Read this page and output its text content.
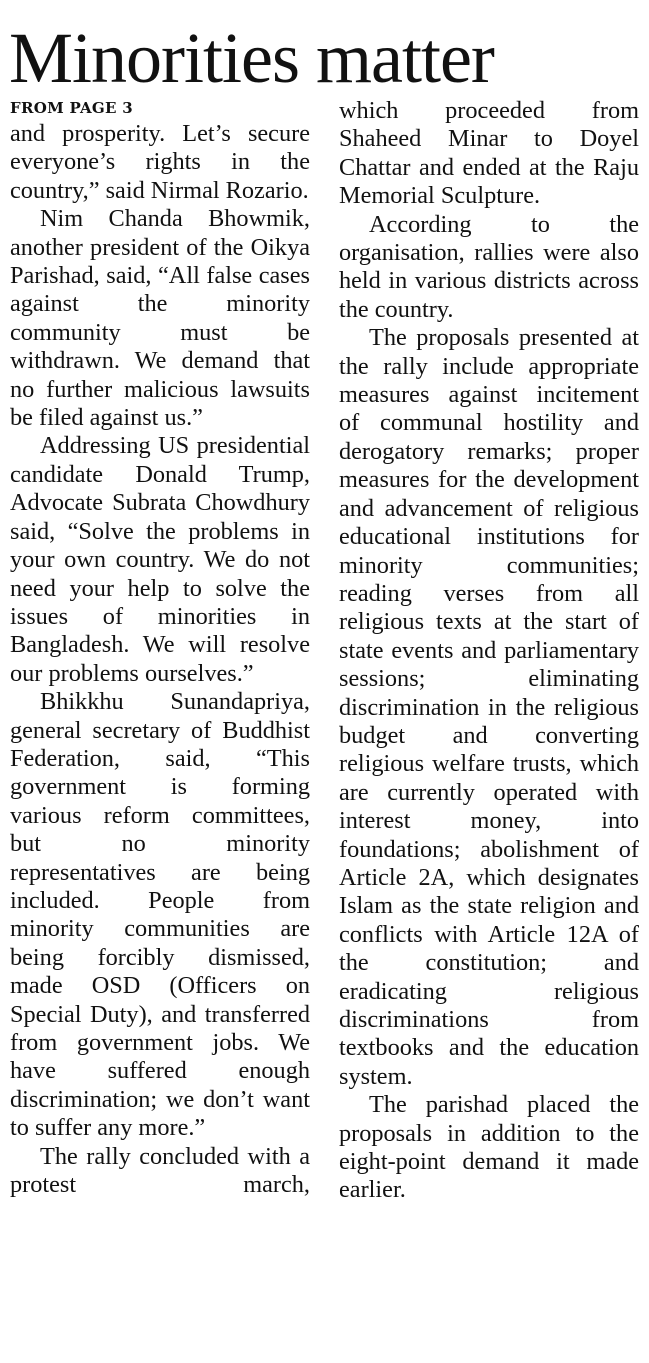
Minorities matter
FROM PAGE 3

and prosperity. Let’s secure everyone’s rights in the country,” said Nirmal Rozario.

Nim Chanda Bhowmik, another president of the Oikya Parishad, said, “All false cases against the minority community must be withdrawn. We demand that no further malicious lawsuits be filed against us.”

Addressing US presidential candidate Donald Trump, Advocate Subrata Chowdhury said, “Solve the problems in your own country. We do not need your help to solve the issues of minorities in Bangladesh. We will resolve our problems ourselves.”

Bhikkhu Sunandapriya, general secretary of Buddhist Federation, said, “This government is forming various reform committees, but no minority representatives are being included. People from minority communities are being forcibly dismissed, made OSD (Officers on Special Duty), and transferred from government jobs. We have suffered enough discrimination; we don’t want to suffer any more.”

The rally concluded with a protest march,

which proceeded from Shaheed Minar to Doyel Chattar and ended at the Raju Memorial Sculpture.

According to the organisation, rallies were also held in various districts across the country.

The proposals presented at the rally include appropriate measures against incitement of communal hostility and derogatory remarks; proper measures for the development and advancement of religious educational institutions for minority communities; reading verses from all religious texts at the start of state events and parliamentary sessions; eliminating discrimination in the religious budget and converting religious welfare trusts, which are currently operated with interest money, into foundations; abolishment of Article 2A, which designates Islam as the state religion and conflicts with Article 12A of the constitution; and eradicating religious discriminations from textbooks and the education system.

The parishad placed the proposals in addition to the eight-point demand it made earlier.
